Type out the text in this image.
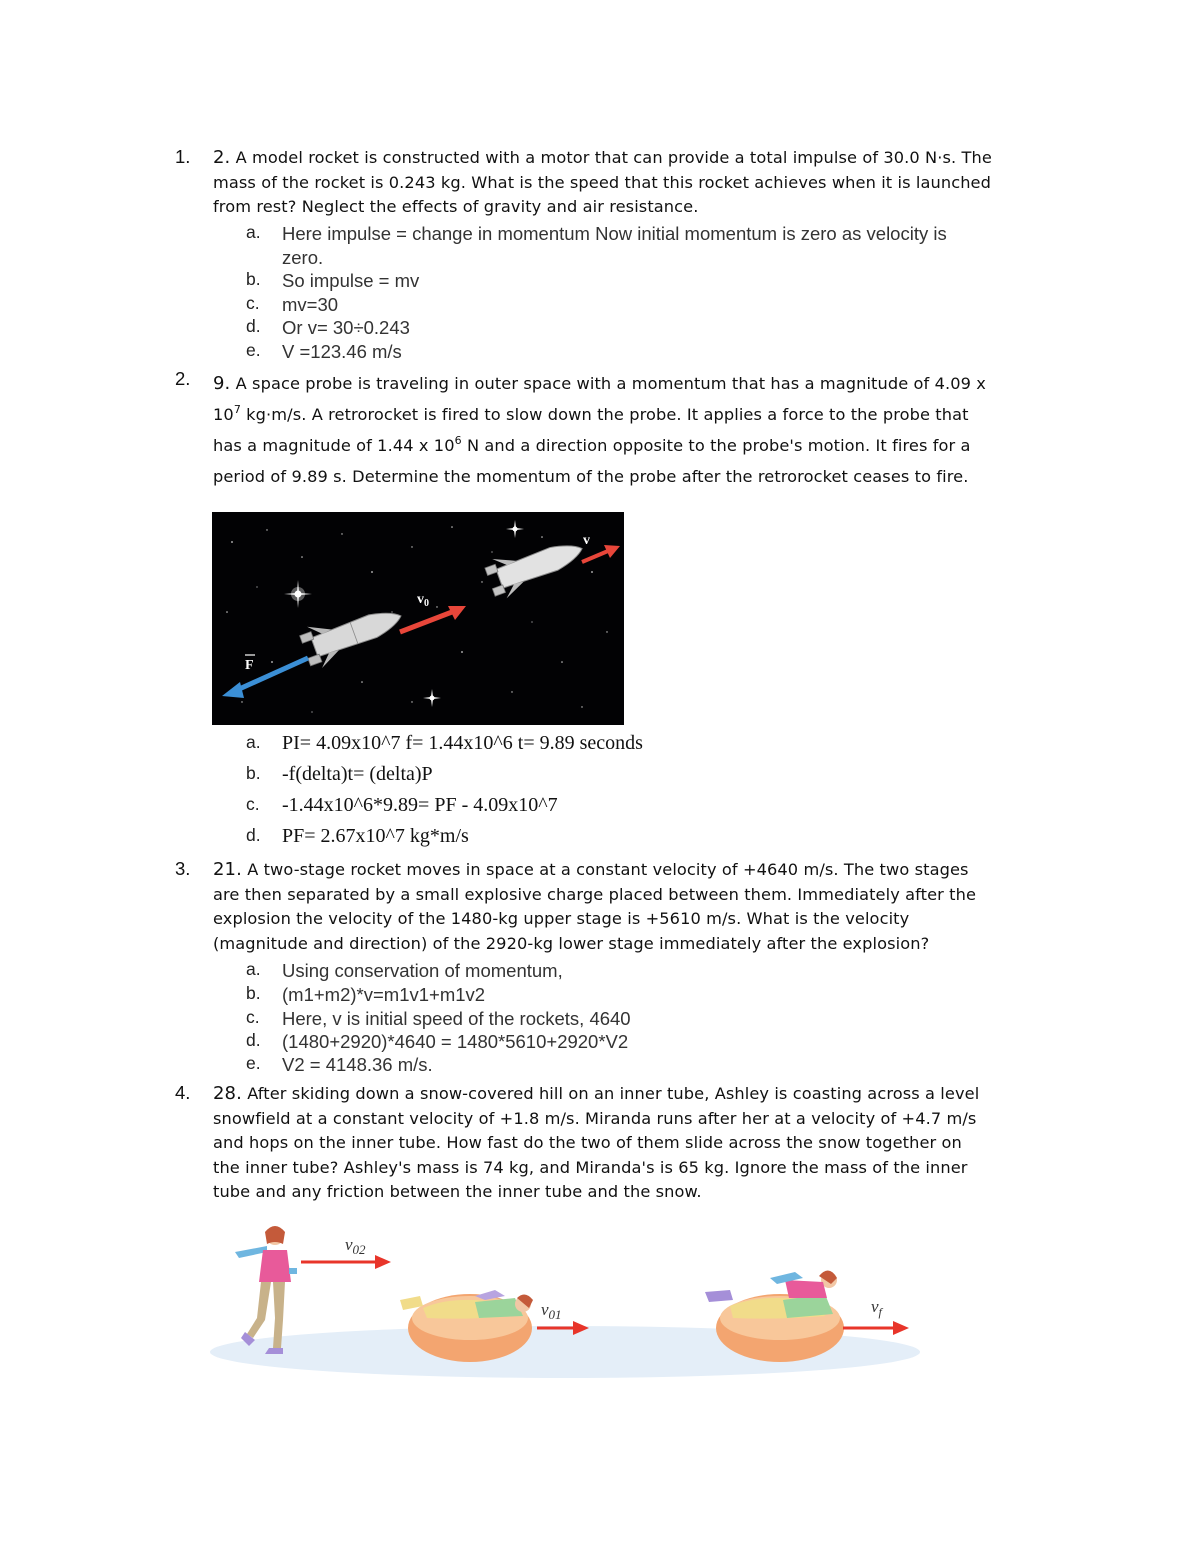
1.	2. A model rocket is constructed with a motor that can provide a total impulse of 30.0 N·s. The
mass of the rocket is 0.243 kg. What is the speed that this rocket achieves when it is launched
from rest? Neglect the effects of gravity and air resistance.
a.	Here impulse = change in momentum Now initial momentum is zero as velocity is
zero.
b.	So impulse = mv
c.	mv=30
d.	Or v= 30÷0.243
e.	V =123.46 m/s
2.	9. A space probe is traveling in outer space with a momentum that has a magnitude of 4.09 x
$10^7$ kg·m/s. A retrorocket is fired to slow down the probe. It applies a force to the probe that
has a magnitude of 1.44 x $10^6$ N and a direction opposite to the probe's motion. It fires for a
period of 9.89 s. Determine the momentum of the probe after the retrorocket ceases to fire.
$v_0$
v
F
a.	PI= 4.09x10^7 f= 1.44x10^6 t= 9.89 seconds
b.	-f(delta)t= (delta)P
c.	-1.44x10^6*9.89= PF - 4.09x10^7
d.	PF= 2.67x10^7 kg*m/s
3.	21. A two-stage rocket moves in space at a constant velocity of +4640 m/s. The two stages
are then separated by a small explosive charge placed between them. Immediately after the
explosion the velocity of the 1480-kg upper stage is +5610 m/s. What is the velocity
(magnitude and direction) of the 2920-kg lower stage immediately after the explosion?
a.	Using conservation of momentum,
b.	(m1+m2)*v=m1v1+m1v2
c.	Here, v is initial speed of the rockets, 4640
d.	(1480+2920)*4640 = 1480*5610+2920*V2
e.	V2 = 4148.36 m/s.
4.	28. After skiding down a snow-covered hill on an inner tube, Ashley is coasting across a level
snowfield at a constant velocity of +1.8 m/s. Miranda runs after her at a velocity of +4.7 m/s
and hops on the inner tube. How fast do the two of them slide across the snow together on
the inner tube? Ashley's mass is 74 kg, and Miranda's is 65 kg. Ignore the mass of the inner
tube and any friction between the inner tube and the snow.
$v_{02}$
$v_{01}$	$v_f$
